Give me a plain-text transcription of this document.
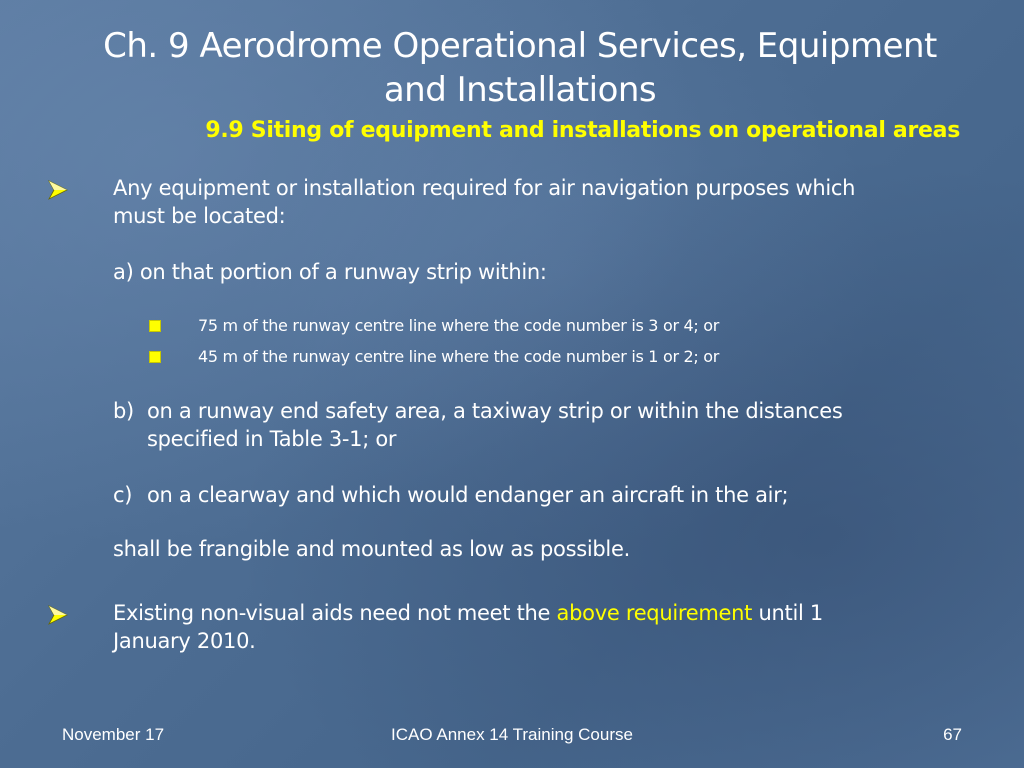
Ch. 9 Aerodrome Operational Services, Equipment
and Installations
9.9 Siting of equipment and installations on operational areas
Any equipment or installation required for air navigation purposes which
must be located:
a) on that portion of a runway strip within:
75 m of the runway centre line where the code number is 3 or 4; or
45 m of the runway centre line where the code number is 1 or 2; or
b) on a runway end safety area, a taxiway strip or within the distances
specified in Table 3-1; or
c) on a clearway and which would endanger an aircraft in the air;
shall be frangible and mounted as low as possible.
Existing non-visual aids need not meet the above requirement until 1
January 2010.
November 17	ICAO Annex 14 Training Course	67
